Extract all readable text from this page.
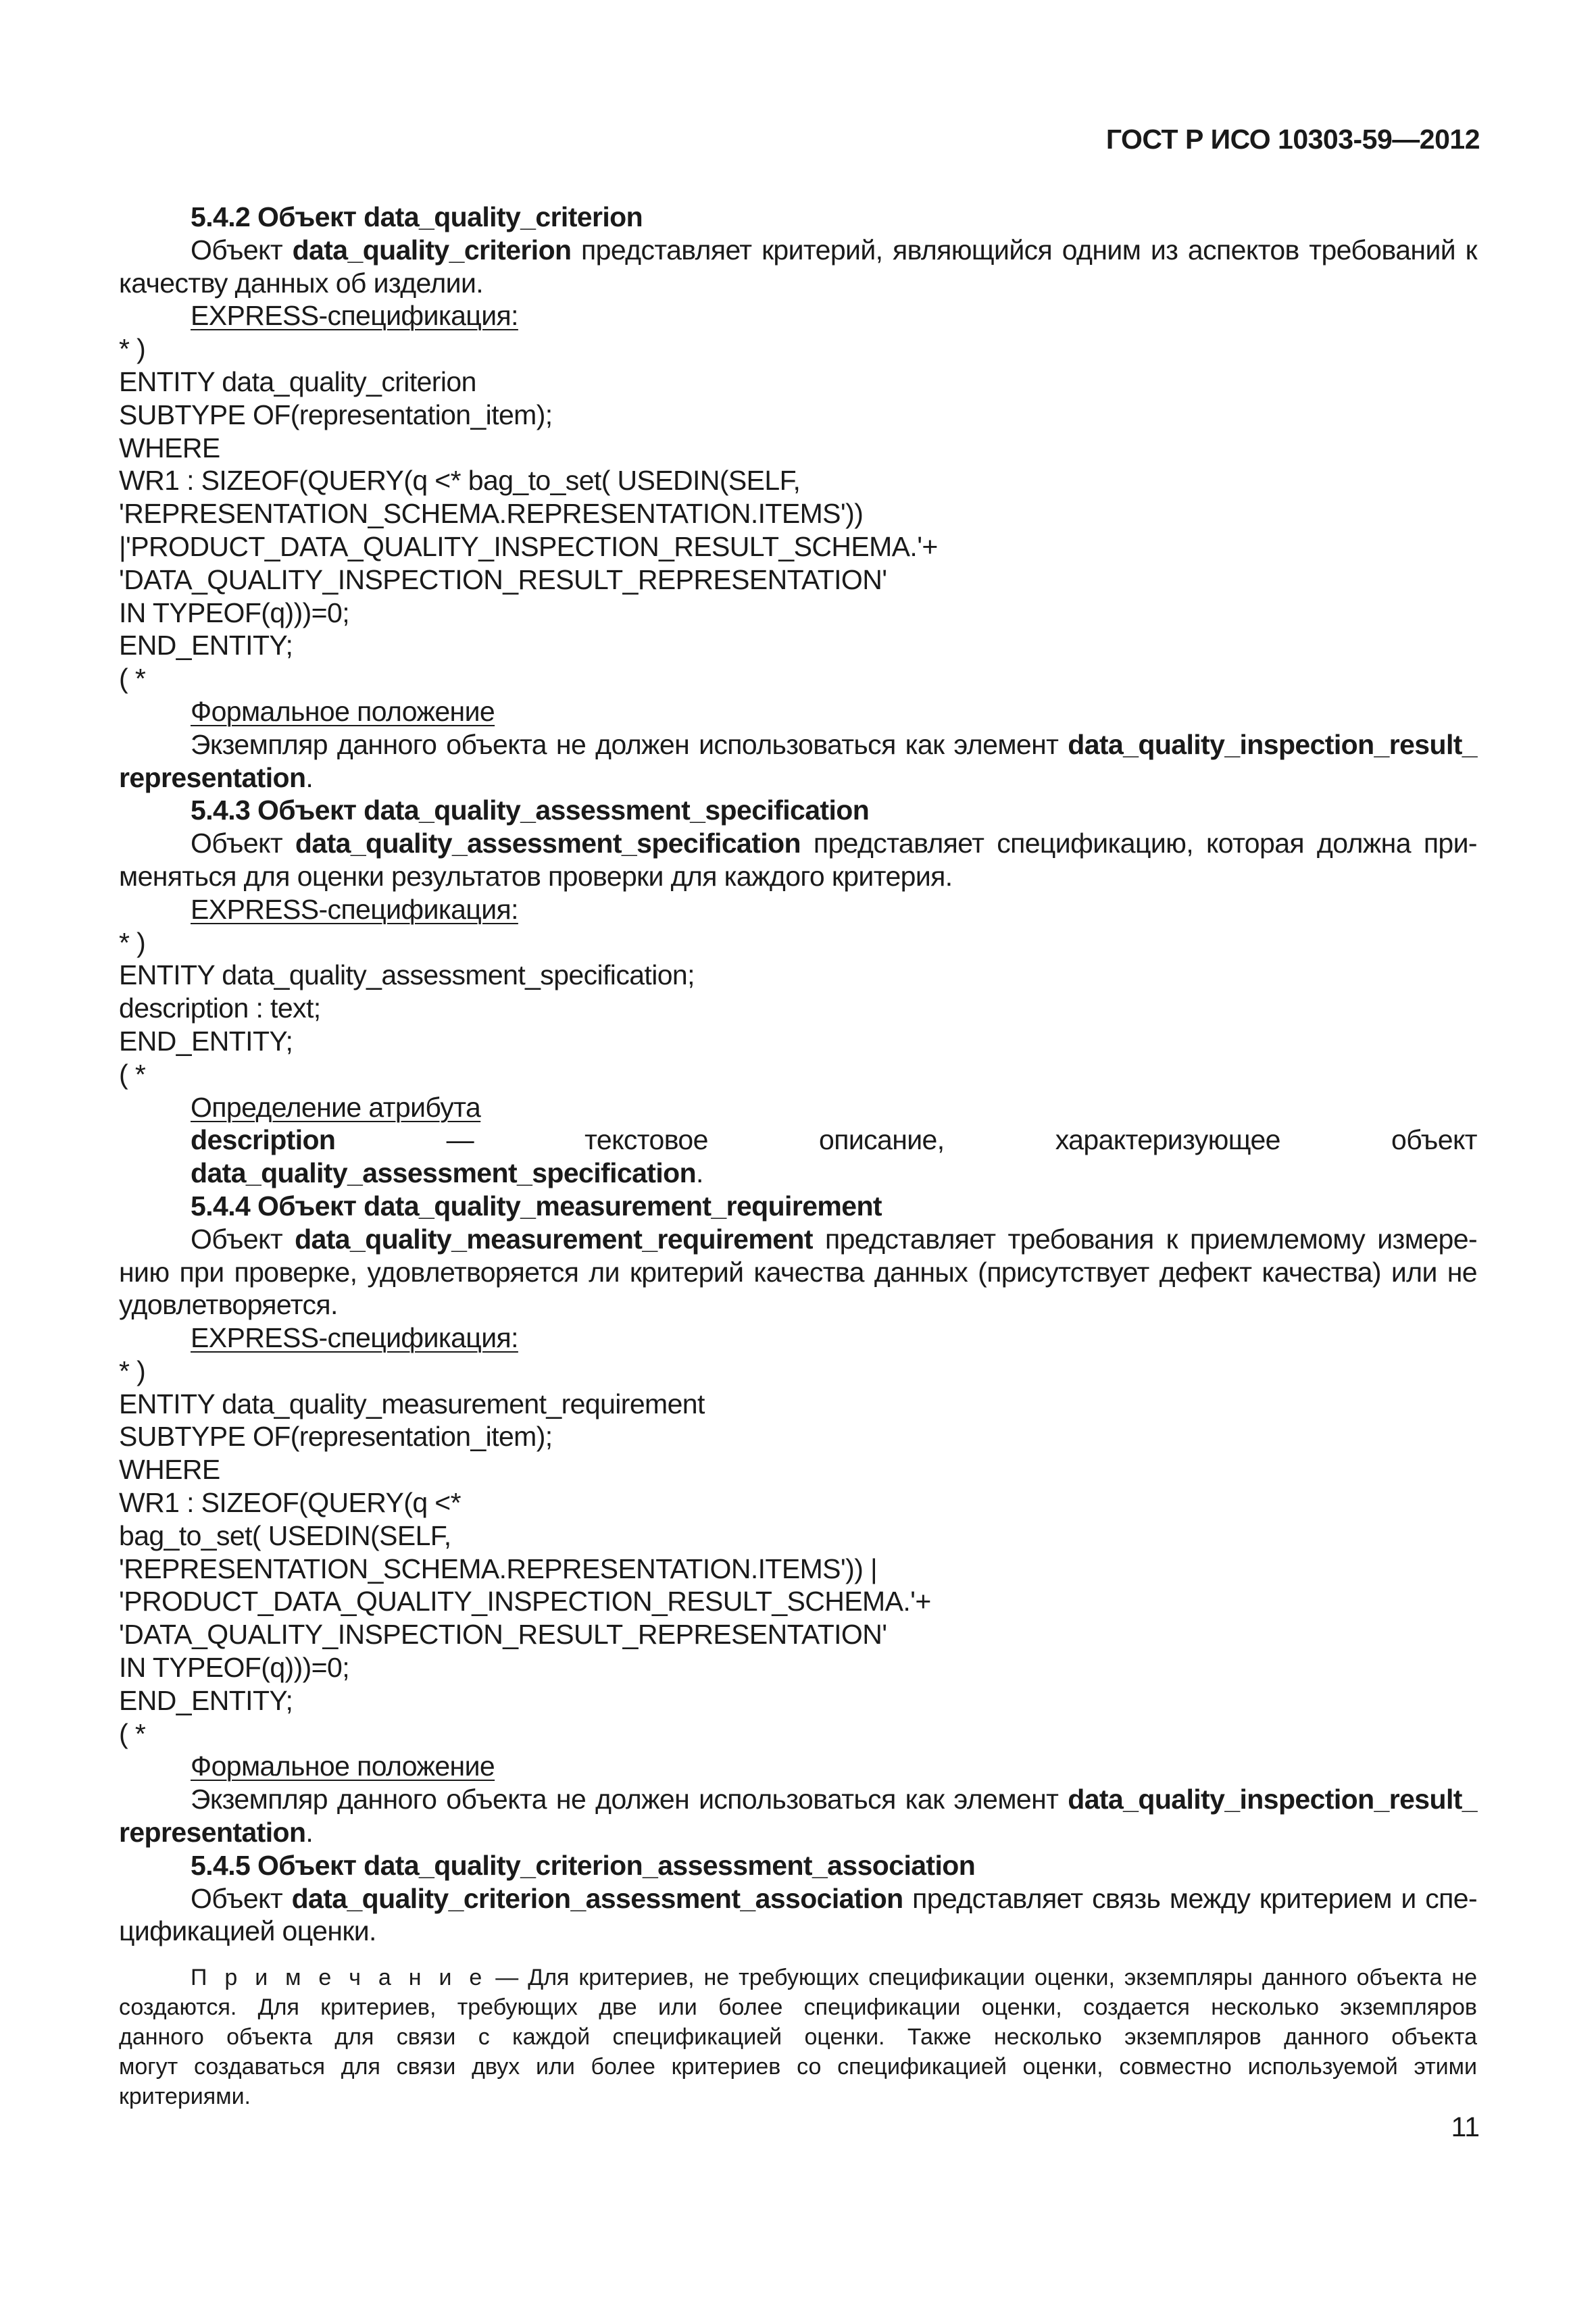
ГОСТ Р ИСО 10303-59—2012
5.4.2 Объект data_quality_criterion
Объект data_quality_criterion представляет критерий, являющийся одним из аспектов требований к
качеству данных об изделии.
EXPRESS-спецификация:
* )
ENTITY data_quality_criterion
SUBTYPE OF(representation_item);
WHERE
WR1 : SIZEOF(QUERY(q <* bag_to_set( USEDIN(SELF,
'REPRESENTATION_SCHEMA.REPRESENTATION.ITEMS'))
|'PRODUCT_DATA_QUALITY_INSPECTION_RESULT_SCHEMA.'+
'DATA_QUALITY_INSPECTION_RESULT_REPRESENTATION'
IN TYPEOF(q)))=0;
END_ENTITY;
( *
Формальное положение
Экземпляр данного объекта не должен использоваться как элемент data_quality_inspection_result_
representation.
5.4.3 Объект data_quality_assessment_specification
Объект data_quality_assessment_specification представляет спецификацию, которая должна при-
меняться для оценки результатов проверки для каждого критерия.
EXPRESS-спецификация:
* )
ENTITY data_quality_assessment_specification;
description : text;
END_ENTITY;
( *
Определение атрибута
description — текстовое описание, характеризующее объект data_quality_assessment_specification.
5.4.4 Объект data_quality_measurement_requirement
Объект data_quality_measurement_requirement представляет требования к приемлемому измере-
нию при проверке, удовлетворяется ли критерий качества данных (присутствует дефект качества) или не
удовлетворяется.
EXPRESS-спецификация:
* )
ENTITY data_quality_measurement_requirement
SUBTYPE OF(representation_item);
WHERE
WR1 : SIZEOF(QUERY(q <*
bag_to_set( USEDIN(SELF,
'REPRESENTATION_SCHEMA.REPRESENTATION.ITEMS')) |
'PRODUCT_DATA_QUALITY_INSPECTION_RESULT_SCHEMA.'+
'DATA_QUALITY_INSPECTION_RESULT_REPRESENTATION'
IN TYPEOF(q)))=0;
END_ENTITY;
( *
Формальное положение
Экземпляр данного объекта не должен использоваться как элемент data_quality_inspection_result_
representation.
5.4.5 Объект data_quality_criterion_assessment_association
Объект data_quality_criterion_assessment_association представляет связь между критерием и спе-
цификацией оценки.
П р и м е ч а н и е — Для критериев, не требующих спецификации оценки, экземпляры данного объекта не
создаются. Для критериев, требующих две или более спецификации оценки, создается несколько экземпляров
данного объекта для связи с каждой спецификацией оценки. Также несколько экземпляров данного объекта
могут создаваться для связи двух или более критериев со спецификацией оценки, совместно используемой этими
критериями.
11
